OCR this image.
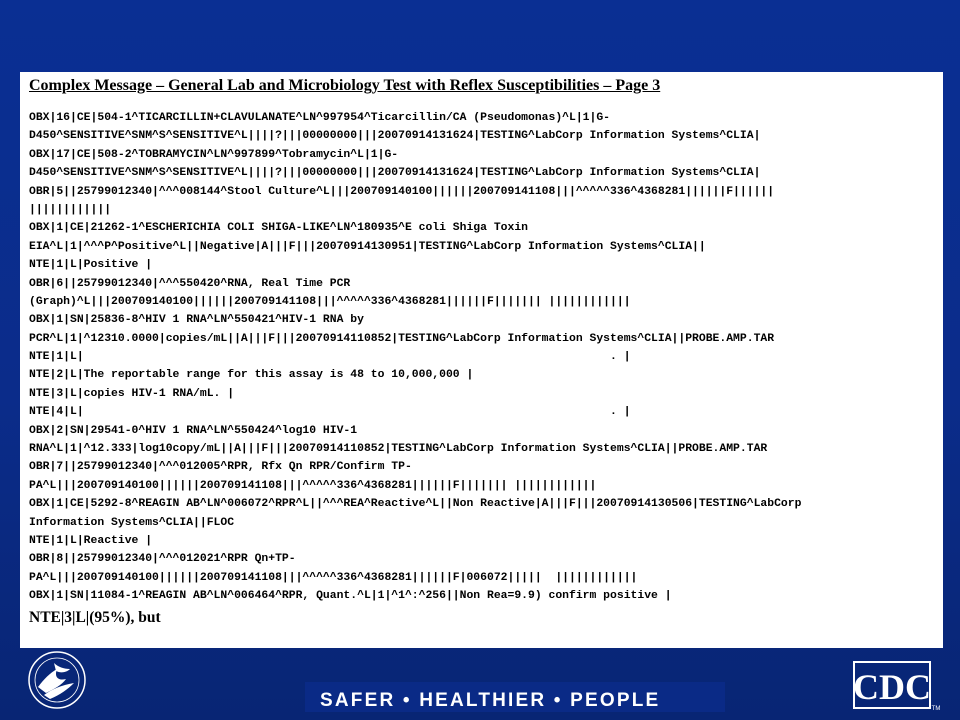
Complex Message – General Lab and Microbiology Test with Reflex Susceptibilities – Page 3
OBX|16|CE|504-1^TICARCILLIN+CLAVULANATE^LN^997954^Ticarcillin/CA (Pseudomonas)^L|1|G-
D450^SENSITIVE^SNM^S^SENSITIVE^L||||?|||00000000|||20070914131624|TESTING^LabCorp Information Systems^CLIA|
OBX|17|CE|508-2^TOBRAMYCIN^LN^997899^Tobramycin^L|1|G-
D450^SENSITIVE^SNM^S^SENSITIVE^L||||?|||00000000|||20070914131624|TESTING^LabCorp Information Systems^CLIA|
OBR|5||25799012340|^^^008144^Stool Culture^L|||200709140100||||||200709141108|||^^^^^336^4368281||||||F||||||
||||||||||||
OBX|1|CE|21262-1^ESCHERICHIA COLI SHIGA-LIKE^LN^180935^E coli Shiga Toxin
EIA^L|1|^^^P^Positive^L||Negative|A|||F|||20070914130951|TESTING^LabCorp Information Systems^CLIA||
NTE|1|L|Positive |
OBR|6||25799012340|^^^550420^RNA, Real Time PCR
(Graph)^L|||200709140100||||||200709141108|||^^^^^336^4368281||||||F||||||| ||||||||||||
OBX|1|SN|25836-8^HIV 1 RNA^LN^550421^HIV-1 RNA by
PCR^L|1|^12310.0000|copies/mL||A|||F|||20070914110852|TESTING^LabCorp Information Systems^CLIA||PROBE.AMP.TAR
NTE|1|L|                                                                             . |
NTE|2|L|The reportable range for this assay is 48 to 10,000,000 |
NTE|3|L|copies HIV-1 RNA/mL. |
NTE|4|L|                                                                             . |
OBX|2|SN|29541-0^HIV 1 RNA^LN^550424^log10 HIV-1
RNA^L|1|^12.333|log10copy/mL||A|||F|||20070914110852|TESTING^LabCorp Information Systems^CLIA||PROBE.AMP.TAR
OBR|7||25799012340|^^^012005^RPR, Rfx Qn RPR/Confirm TP-
PA^L|||200709140100||||||200709141108|||^^^^^336^4368281||||||F||||||| ||||||||||||
OBX|1|CE|5292-8^REAGIN AB^LN^006072^RPR^L||^^^REA^Reactive^L||Non Reactive|A|||F|||20070914130506|TESTING^LabCorp
Information Systems^CLIA||FLOC
NTE|1|L|Reactive |
OBR|8||25799012340|^^^012021^RPR Qn+TP-
PA^L|||200709140100||||||200709141108|||^^^^^336^4368281||||||F|006072|||||  ||||||||||||
OBX|1|SN|11084-1^REAGIN AB^LN^006464^RPR, Quant.^L|1|^1^:^256||Non Rea=9.9) confirm positive |
NTE|3|L|(95%), but
SAFER • HEALTHIER • PEOPLE	CDC
TM
